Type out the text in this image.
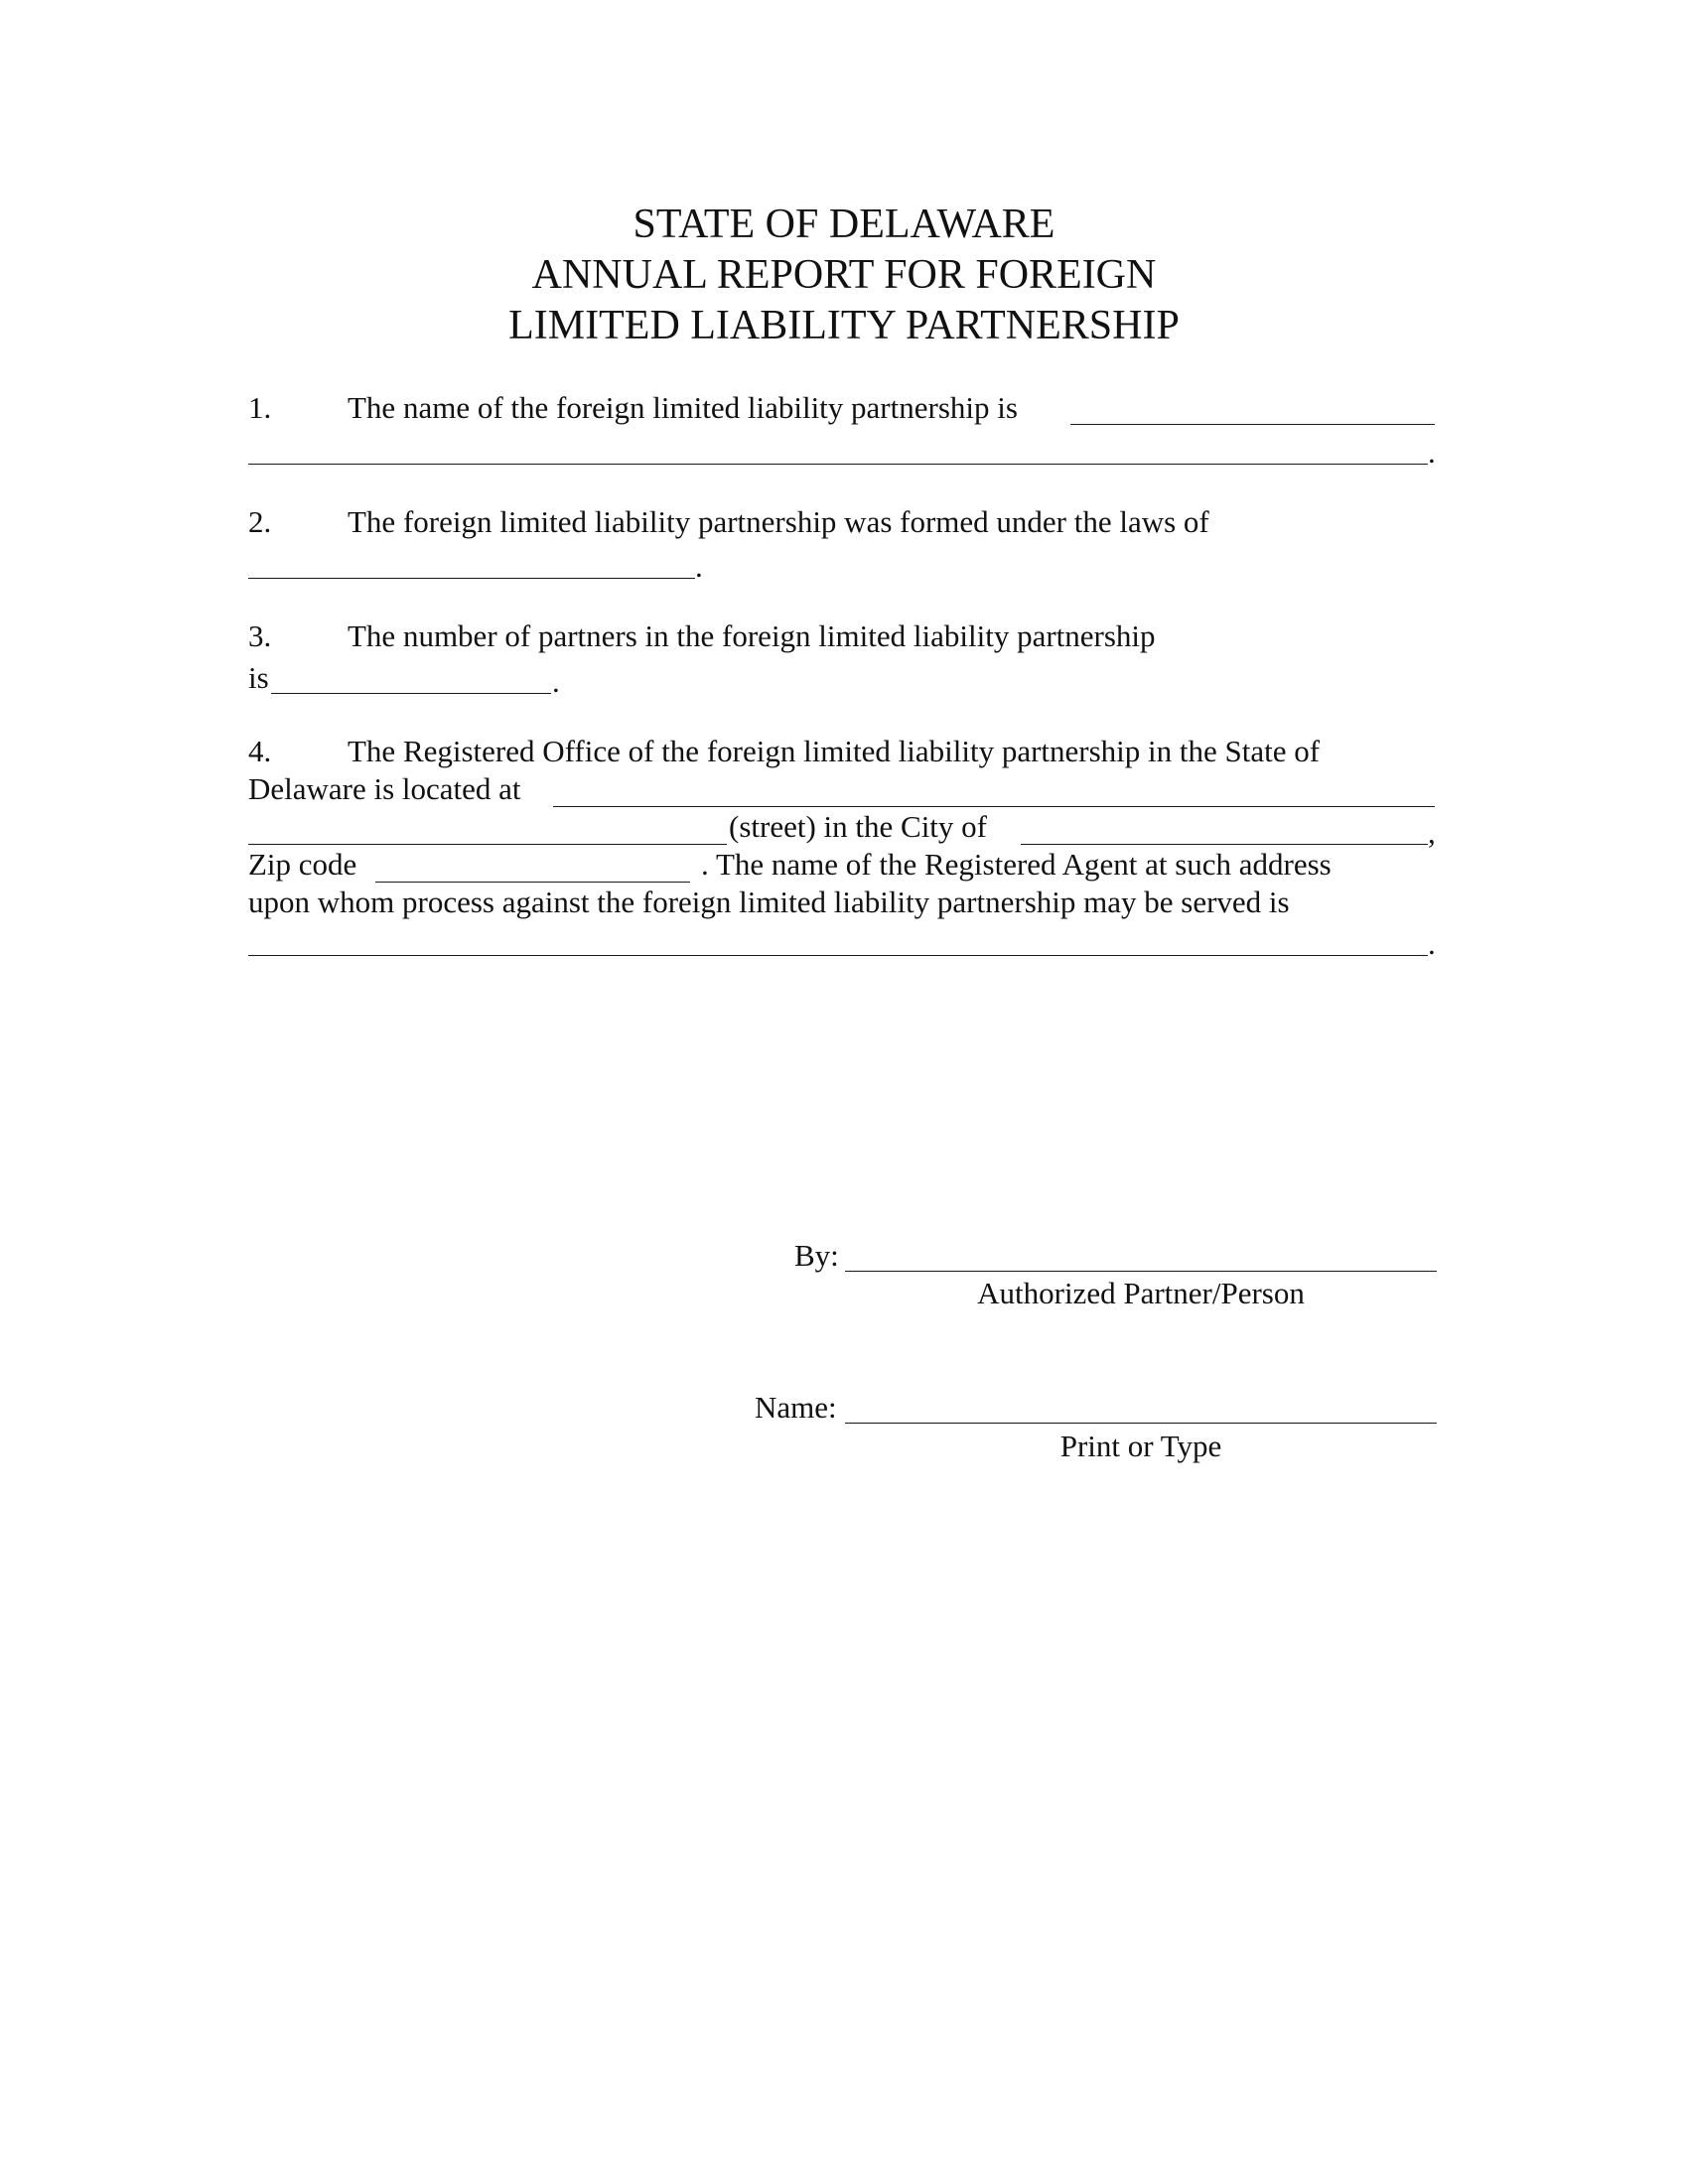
STATE OF DELAWARE
ANNUAL REPORT FOR FOREIGN
LIMITED LIABILITY PARTNERSHIP
1. The name of the foreign limited liability partnership is
.
2. The foreign limited liability partnership was formed under the laws of
.
3. The number of partners in the foreign limited liability partnership
is	.
4. The Registered Office of the foreign limited liability partnership in the State of
Delaware is located at
(street) in the City of	,
Zip code	. The name of the Registered Agent at such address
upon whom process against the foreign limited liability partnership may be served is
.
By:
Authorized Partner/Person
Name:
Print or Type
